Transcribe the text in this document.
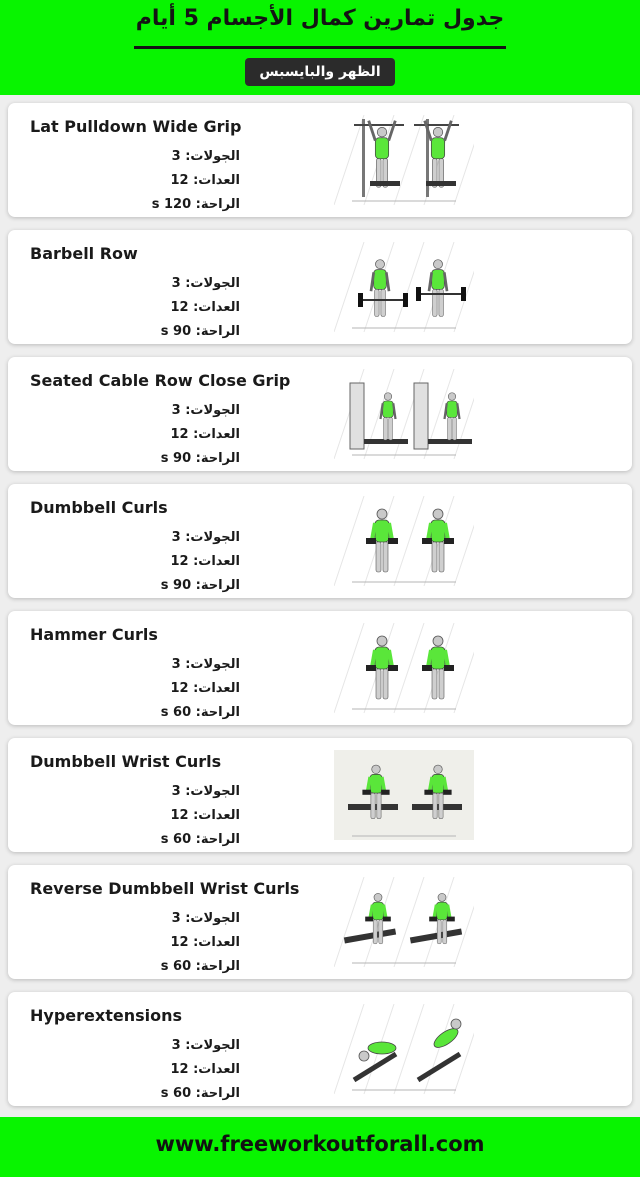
جدول تمارين كمال الأجسام 5 أيام
الظهر والبايسبس
Lat Pulldown Wide Grip
الجولات: 3
العدات: 12
الراحة: 120 s
Barbell Row
الجولات: 3
العدات: 12
الراحة: 90 s
Seated Cable Row Close Grip
الجولات: 3
العدات: 12
الراحة: 90 s
Dumbbell Curls
الجولات: 3
العدات: 12
الراحة: 90 s
Hammer Curls
الجولات: 3
العدات: 12
الراحة: 60 s
Dumbbell Wrist Curls
الجولات: 3
العدات: 12
الراحة: 60 s
Reverse Dumbbell Wrist Curls
الجولات: 3
العدات: 12
الراحة: 60 s
Hyperextensions
الجولات: 3
العدات: 12
الراحة: 60 s
www.freeworkoutforall.com
